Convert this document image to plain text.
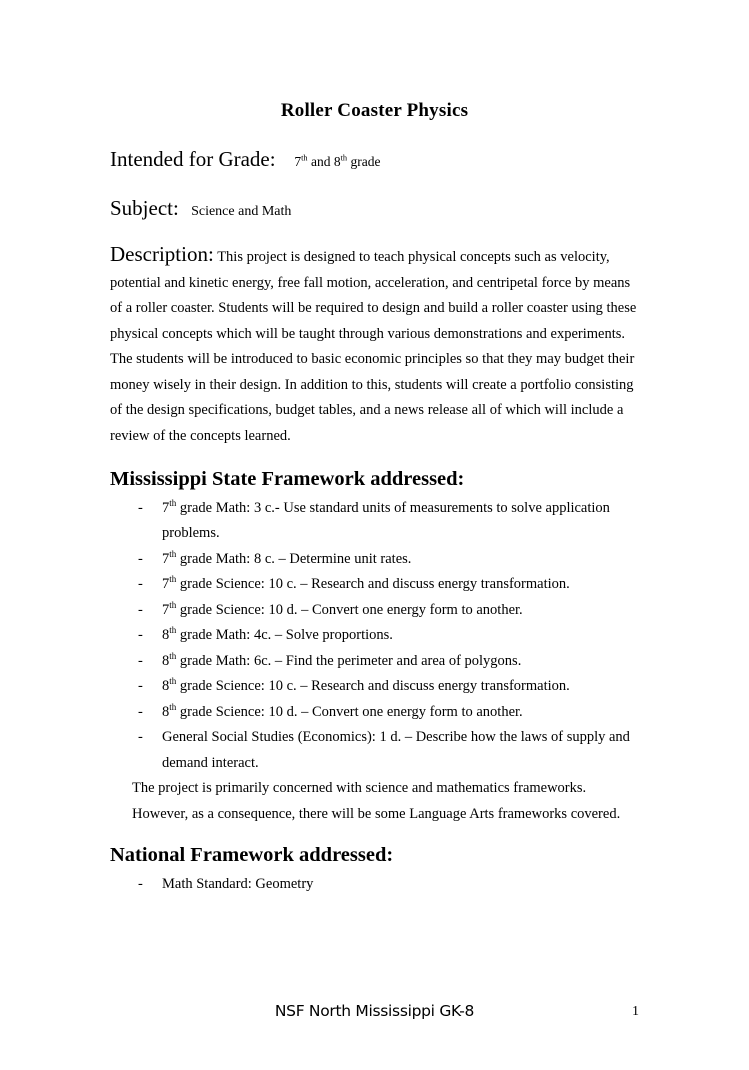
Roller Coaster Physics
Intended for Grade: 7th and 8th grade
Subject: Science and Math
Description: This project is designed to teach physical concepts such as velocity, potential and kinetic energy, free fall motion, acceleration, and centripetal force by means of a roller coaster. Students will be required to design and build a roller coaster using these physical concepts which will be taught through various demonstrations and experiments. The students will be introduced to basic economic principles so that they may budget their money wisely in their design. In addition to this, students will create a portfolio consisting of the design specifications, budget tables, and a news release all of which will include a review of the concepts learned.
Mississippi State Framework addressed:
- 7th grade Math: 3 c.- Use standard units of measurements to solve application problems.
- 7th grade Math: 8 c. – Determine unit rates.
- 7th grade Science: 10 c. – Research and discuss energy transformation.
- 7th grade Science: 10 d. – Convert one energy form to another.
- 8th grade Math: 4c. – Solve proportions.
- 8th grade Math: 6c. – Find the perimeter and area of polygons.
- 8th grade Science: 10 c. – Research and discuss energy transformation.
- 8th grade Science: 10 d. – Convert one energy form to another.
- General Social Studies (Economics): 1 d. – Describe how the laws of supply and demand interact.
The project is primarily concerned with science and mathematics frameworks.
However, as a consequence, there will be some Language Arts frameworks covered.
National Framework addressed:
- Math Standard: Geometry
NSF North Mississippi GK-8	1
